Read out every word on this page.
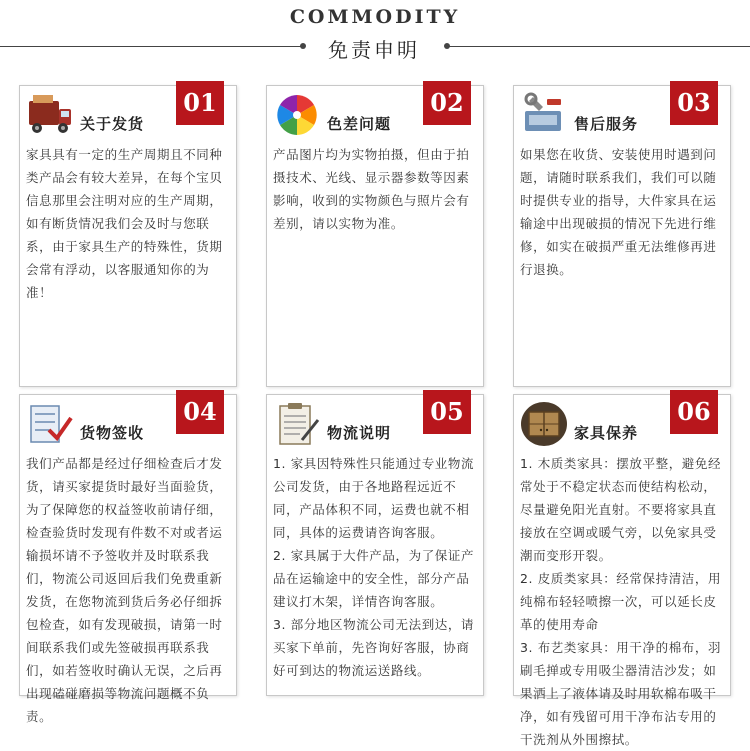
COMMODITY
免责申明
关于发货
01

家具具有一定的生产周期且不同种类产品会有较大差异，在每个宝贝信息那里会注明对应的生产周期，如有断货情况我们会及时与您联系，由于家具生产的特殊性，货期会常有浮动，以客服通知你的为准！

色差问题
02

产品图片均为实物拍摄，但由于拍摄技术、光线、显示器参数等因素影响，收到的实物颜色与照片会有差别，请以实物为准。

售后服务
03

如果您在收货、安装使用时遇到问题，请随时联系我们，我们可以随时提供专业的指导，大件家具在运输途中出现破损的情况下先进行维修，如实在破损严重无法维修再进行退换。

货物签收
04

我们产品都是经过仔细检查后才发货，请买家提货时最好当面验货，为了保障您的权益签收前请仔细，检查验货时发现有件数不对或者运输损坏请不予签收并及时联系我们，物流公司返回后我们免费重新发货，在您物流到货后务必仔细拆包检查，如有发现破损，请第一时间联系我们或先签破损再联系我们，如若签收时确认无误，之后再出现磕碰磨损等物流问题概不负责。

物流说明
05

1. 家具因特殊性只能通过专业物流公司发货，由于各地路程远近不同，产品体积不同，运费也就不相同，具体的运费请咨询客服。

2. 家具属于大件产品，为了保证产品在运输途中的安全性，部分产品建议打木架，详情咨询客服。

3. 部分地区物流公司无法到达，请买家下单前，先咨询好客服，协商好可到达的物流运送路线。

家具保养
06

1. 木质类家具：摆放平整，避免经常处于不稳定状态而使结构松动，尽量避免阳光直射。不要将家具直接放在空调或暖气旁，以免家具受潮而变形开裂。

2. 皮质类家具：经常保持清洁，用纯棉布轻轻喷擦一次，可以延长皮革的使用寿命

3. 布艺类家具：用干净的棉布，羽刷毛掸或专用吸尘器清洁沙发；如果洒上了液体请及时用软棉布吸干净，如有残留可用干净布沾专用的干洗剂从外围擦拭。
